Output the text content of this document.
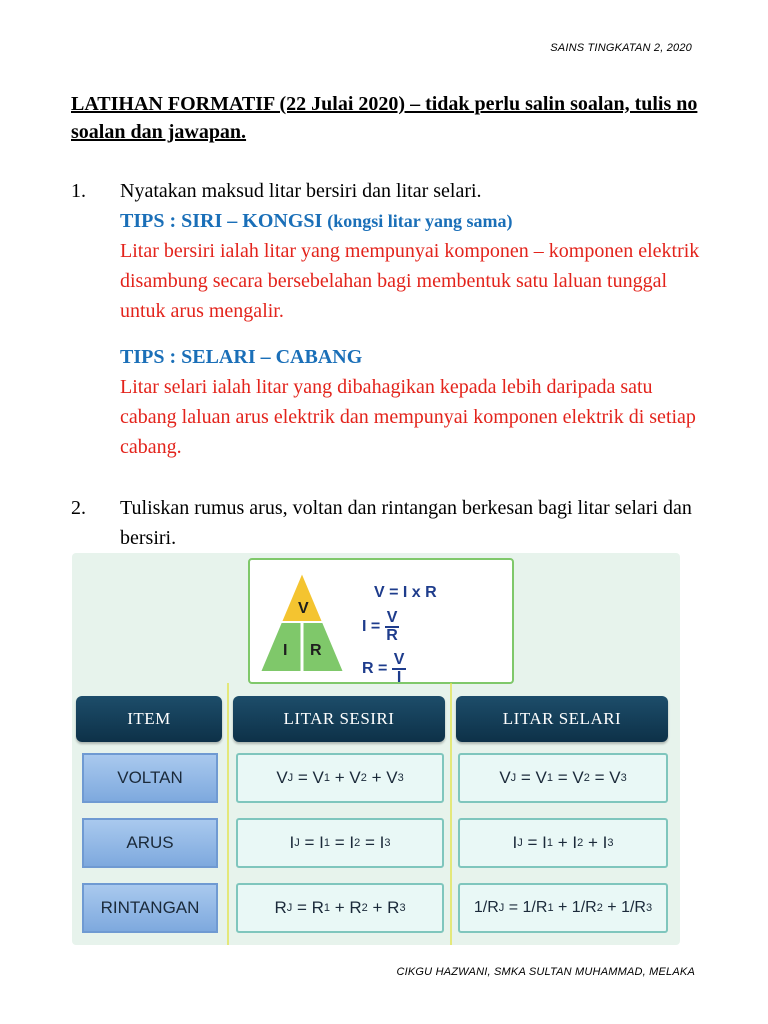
SAINS TINGKATAN 2, 2020
LATIHAN FORMATIF (22 Julai 2020) – tidak perlu salin soalan, tulis no soalan dan jawapan.
1. Nyatakan maksud litar bersiri dan litar selari.
TIPS : SIRI – KONGSI (kongsi litar yang sama)
Litar bersiri ialah litar yang mempunyai komponen – komponen elektrik disambung secara bersebelahan bagi membentuk satu laluan tunggal untuk arus mengalir.
TIPS : SELARI – CABANG
Litar selari ialah litar yang dibahagikan kepada lebih daripada satu cabang laluan arus elektrik dan mempunyai komponen elektrik di setiap cabang.
2. Tuliskan rumus arus, voltan dan rintangan berkesan bagi litar selari dan bersiri.
V
I R
V = I x R
$I = \frac{V}{R}$
$R = \frac{V}{I}$
ITEM	LITAR SESIRI	LITAR SELARI
VOLTAN	V J = V 1 + V 2 + V 3	V J = V 1 = V 2 = V 3
ARUS	I J = I 1 = I 2 = I 3	I J = I 1 + I 2 + I 3
RINTANGAN	R J = R 1 + R 2 + R 3	1/R J = 1/R 1 + 1/R 2 + 1/R 3
CIKGU HAZWANI, SMKA SULTAN MUHAMMAD, MELAKA
